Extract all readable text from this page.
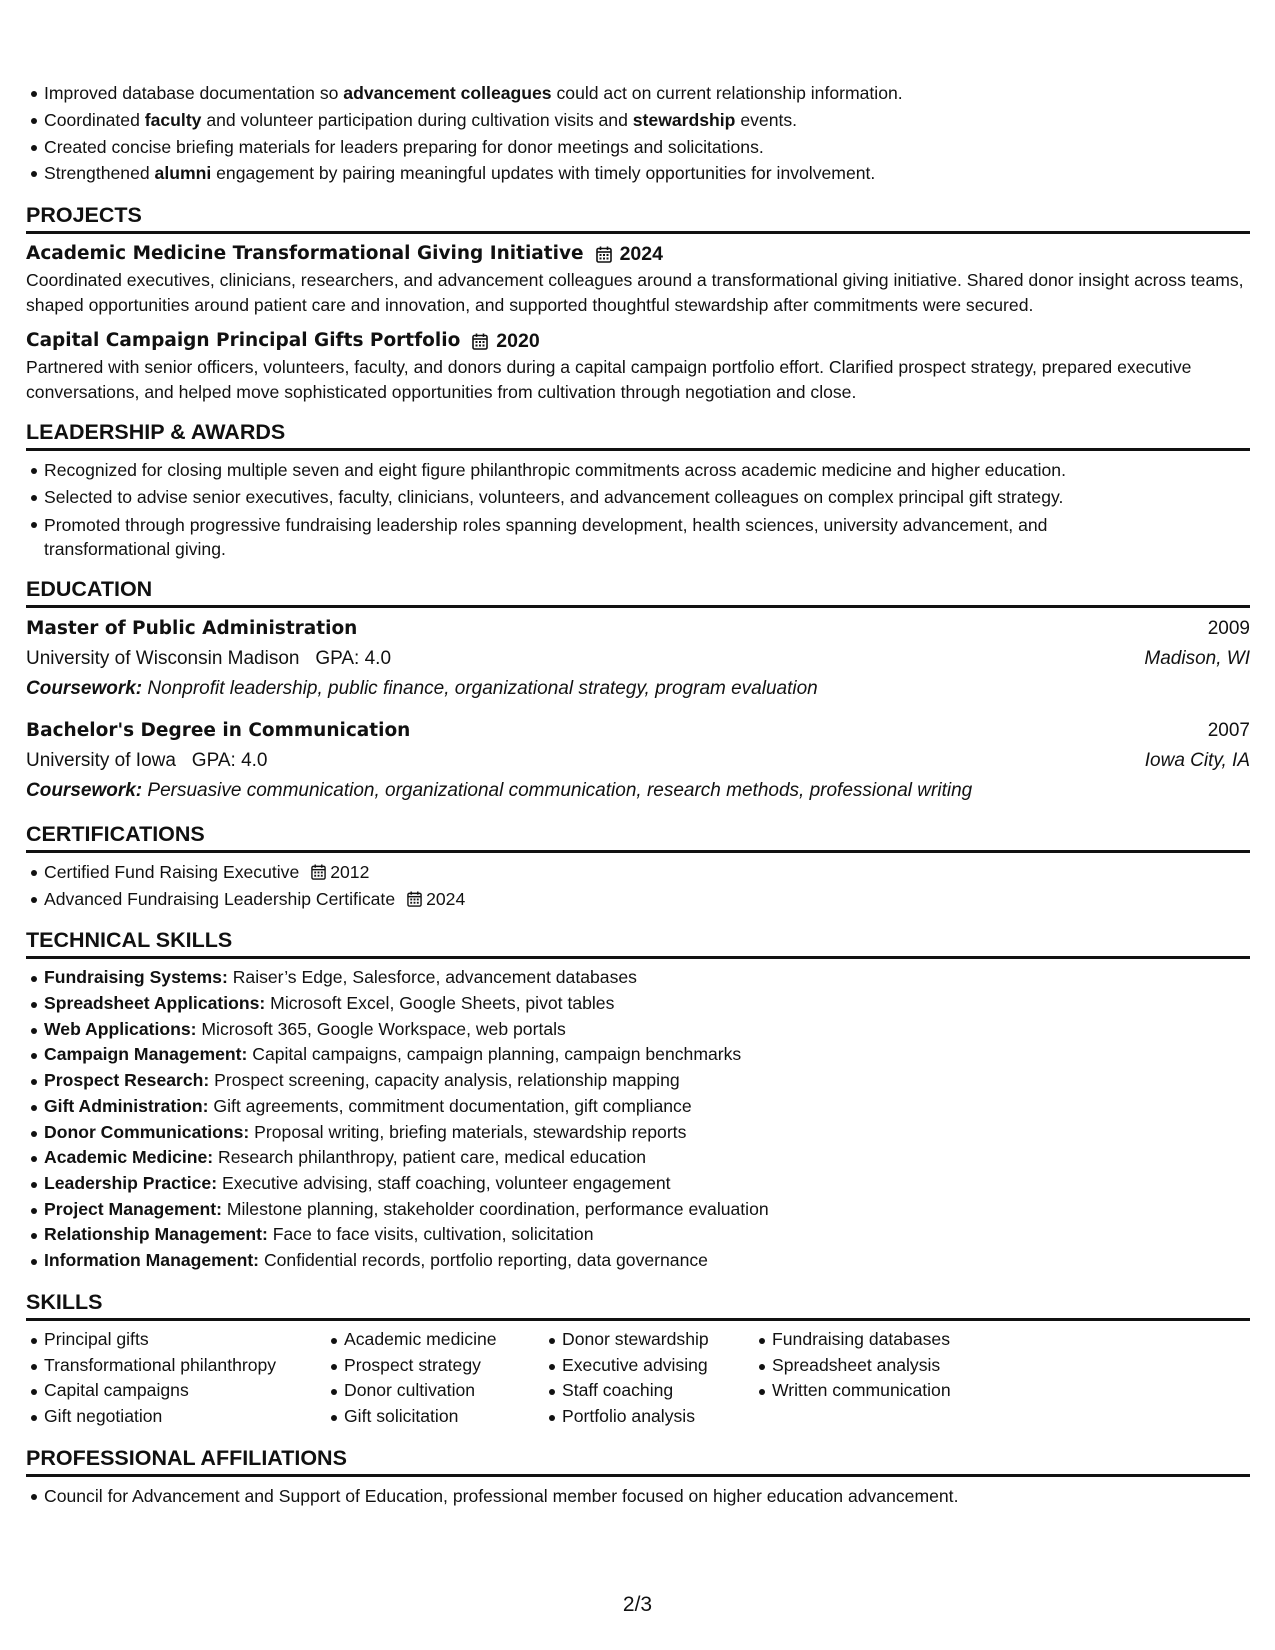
Improved database documentation so advancement colleagues could act on current relationship information.
Coordinated faculty and volunteer participation during cultivation visits and stewardship events.
Created concise briefing materials for leaders preparing for donor meetings and solicitations.
Strengthened alumni engagement by pairing meaningful updates with timely opportunities for involvement.
PROJECTS
Academic Medicine Transformational Giving Initiative 2024
Coordinated executives, clinicians, researchers, and advancement colleagues around a transformational giving initiative. Shared donor insight across teams, shaped opportunities around patient care and innovation, and supported thoughtful stewardship after commitments were secured.
Capital Campaign Principal Gifts Portfolio 2020
Partnered with senior officers, volunteers, faculty, and donors during a capital campaign portfolio effort. Clarified prospect strategy, prepared executive conversations, and helped move sophisticated opportunities from cultivation through negotiation and close.
LEADERSHIP & AWARDS
Recognized for closing multiple seven and eight figure philanthropic commitments across academic medicine and higher education.
Selected to advise senior executives, faculty, clinicians, volunteers, and advancement colleagues on complex principal gift strategy.
Promoted through progressive fundraising leadership roles spanning development, health sciences, university advancement, and transformational giving.
EDUCATION
Master of Public Administration	2009
University of Wisconsin Madison GPA: 4.0	Madison, WI
Coursework: Nonprofit leadership, public finance, organizational strategy, program evaluation
Bachelor's Degree in Communication	2007
University of Iowa GPA: 4.0	Iowa City, IA
Coursework: Persuasive communication, organizational communication, research methods, professional writing
CERTIFICATIONS
Certified Fund Raising Executive 2012
Advanced Fundraising Leadership Certificate 2024
TECHNICAL SKILLS
Fundraising Systems: Raiser’s Edge, Salesforce, advancement databases
Spreadsheet Applications: Microsoft Excel, Google Sheets, pivot tables
Web Applications: Microsoft 365, Google Workspace, web portals
Campaign Management: Capital campaigns, campaign planning, campaign benchmarks
Prospect Research: Prospect screening, capacity analysis, relationship mapping
Gift Administration: Gift agreements, commitment documentation, gift compliance
Donor Communications: Proposal writing, briefing materials, stewardship reports
Academic Medicine: Research philanthropy, patient care, medical education
Leadership Practice: Executive advising, staff coaching, volunteer engagement
Project Management: Milestone planning, stakeholder coordination, performance evaluation
Relationship Management: Face to face visits, cultivation, solicitation
Information Management: Confidential records, portfolio reporting, data governance
SKILLS
Principal gifts
Transformational philanthropy
Capital campaigns
Gift negotiation
Academic medicine
Prospect strategy
Donor cultivation
Gift solicitation
Donor stewardship
Executive advising
Staff coaching
Portfolio analysis
Fundraising databases
Spreadsheet analysis
Written communication
PROFESSIONAL AFFILIATIONS
Council for Advancement and Support of Education, professional member focused on higher education advancement.
2/3
